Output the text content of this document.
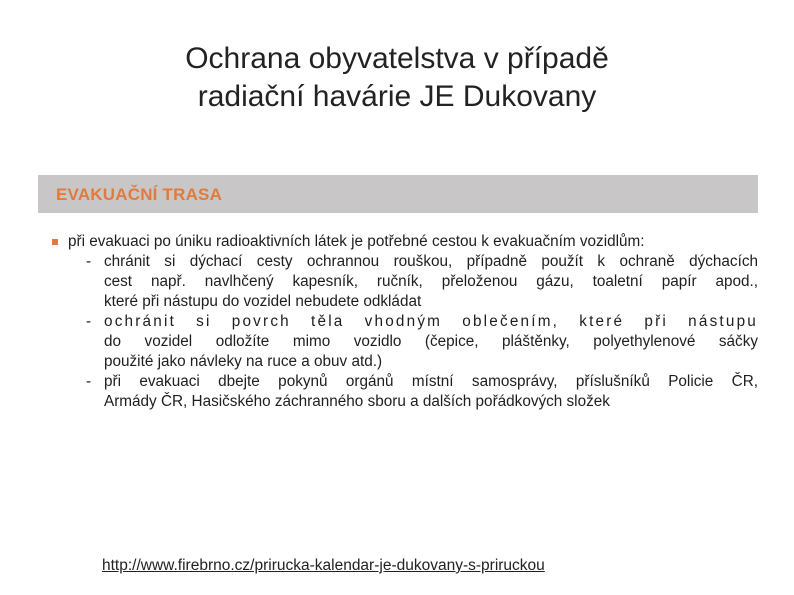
Ochrana obyvatelstva v případě
radiační havárie JE Dukovany
EVAKUAČNÍ TRASA
při evakuaci po úniku radioaktivních látek je potřebné cestou k evakuačním vozidlům:
- chránit si dýchací cesty ochrannou rouškou, případně použít k ochraně dýchacích
cest např. navlhčený kapesník, ručník, přeloženou gázu, toaletní papír apod.,
které při nástupu do vozidel nebudete odkládat
- ochránit si povrch těla vhodným oblečením, které při nástupu
do vozidel odložíte mimo vozidlo (čepice, pláštěnky, polyethylenové sáčky
použité jako návleky na ruce a obuv atd.)
- při evakuaci dbejte pokynů orgánů místní samosprávy, příslušníků Policie ČR,
Armády ČR, Hasičského záchranného sboru a dalších pořádkových složek
http://www.firebrno.cz/prirucka-kalendar-je-dukovany-s-priruckou
